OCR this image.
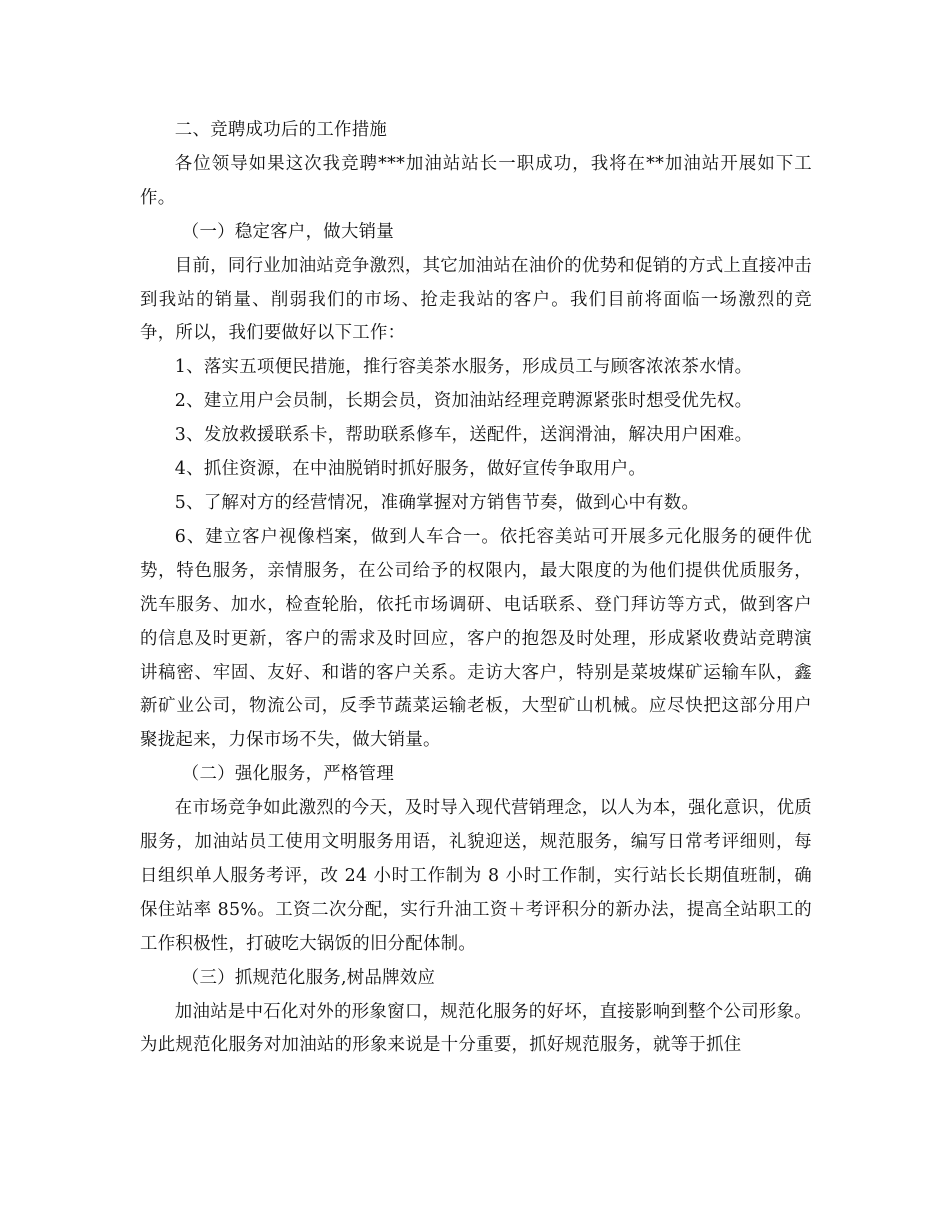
二、竞聘成功后的工作措施

各位领导如果这次我竞聘***加油站站长一职成功，我将在**加油站开展如下工作。

（一）稳定客户，做大销量

目前，同行业加油站竞争激烈，其它加油站在油价的优势和促销的方式上直接冲击到我站的销量、削弱我们的市场、抢走我站的客户。我们目前将面临一场激烈的竞争，所以，我们要做好以下工作：

1、落实五项便民措施，推行容美茶水服务，形成员工与顾客浓浓茶水情。

2、建立用户会员制，长期会员，资加油站经理竞聘源紧张时想受优先权。

3、发放救援联系卡，帮助联系修车，送配件，送润滑油，解决用户困难。

4、抓住资源，在中油脱销时抓好服务，做好宣传争取用户。

5、了解对方的经营情况，准确掌握对方销售节奏，做到心中有数。

6、建立客户视像档案，做到人车合一。依托容美站可开展多元化服务的硬件优势，特色服务，亲情服务，在公司给予的权限内，最大限度的为他们提供优质服务，洗车服务、加水，检查轮胎，依托市场调研、电话联系、登门拜访等方式，做到客户的信息及时更新，客户的需求及时回应，客户的抱怨及时处理，形成紧收费站竞聘演讲稿密、牢固、友好、和谐的客户关系。走访大客户，特别是菜坡煤矿运输车队，鑫新矿业公司，物流公司，反季节蔬菜运输老板，大型矿山机械。应尽快把这部分用户聚拢起来，力保市场不失，做大销量。

（二）强化服务，严格管理

在市场竞争如此激烈的今天，及时导入现代营销理念，以人为本，强化意识，优质服务，加油站员工使用文明服务用语，礼貌迎送，规范服务，编写日常考评细则，每日组织单人服务考评，改 24 小时工作制为 8 小时工作制，实行站长长期值班制，确保住站率 85%。工资二次分配，实行升油工资＋考评积分的新办法，提高全站职工的工作积极性，打破吃大锅饭的旧分配体制。

（三）抓规范化服务,树品牌效应

加油站是中石化对外的形象窗口，规范化服务的好坏，直接影响到整个公司形象。为此规范化服务对加油站的形象来说是十分重要，抓好规范服务，就等于抓住
